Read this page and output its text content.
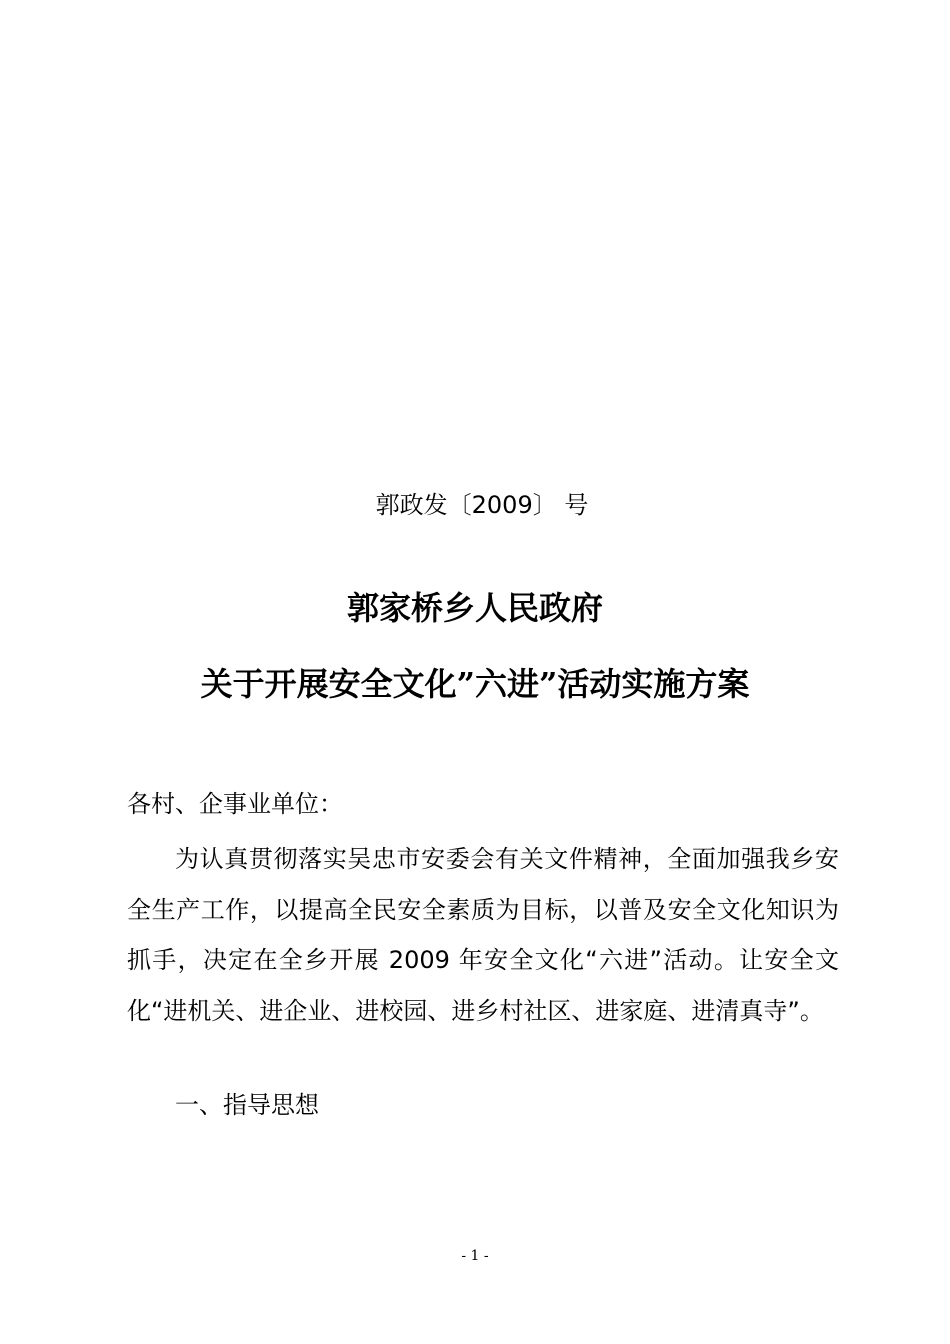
郭政发〔2009〕 号
郭家桥乡人民政府
关于开展安全文化”六进”活动实施方案
各村、企事业单位：

为认真贯彻落实吴忠市安委会有关文件精神，全面加强我乡安全生产工作，以提高全民安全素质为目标，以普及安全文化知识为抓手，决定在全乡开展 2009 年安全文化“六进”活动。让安全文化“进机关、进企业、进校园、进乡村社区、进家庭、进清真寺”。

一、指导思想
- 1 -
